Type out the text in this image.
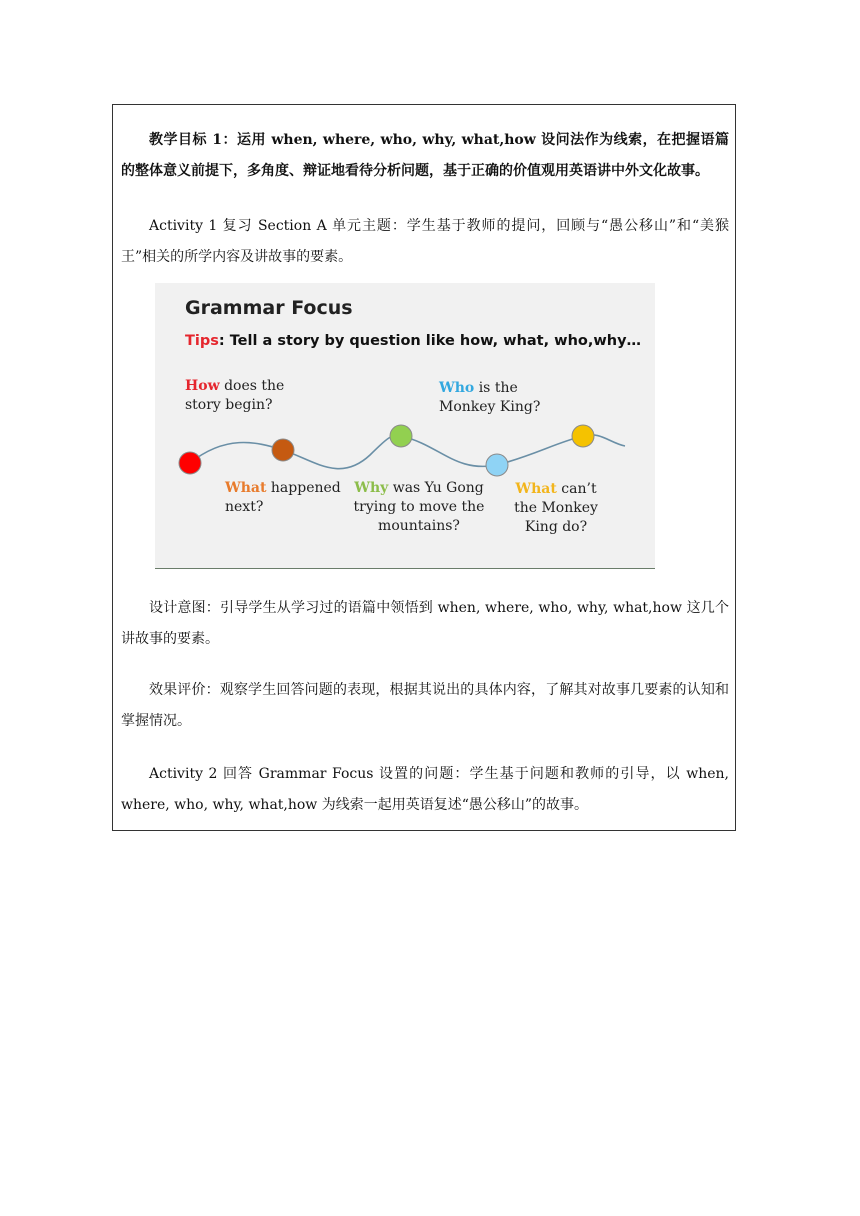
教学目标 1：运用 when, where, who, why, what,how 设问法作为线索，在把握语篇的整体意义前提下，多角度、辩证地看待分析问题，基于正确的价值观用英语讲中外文化故事。

Activity 1 复习 Section A 单元主题：学生基于教师的提问，回顾与“愚公移山”和“美猴王”相关的所学内容及讲故事的要素。

Grammar Focus
Tips: Tell a story by question like how, what, who,why…
How does the story begin?
What happened next?
Why was Yu Gong trying to move the mountains?
Who is the Monkey King?
What can’t the Monkey King do?

设计意图：引导学生从学习过的语篇中领悟到 when, where, who, why, what,how 这几个讲故事的要素。

效果评价：观察学生回答问题的表现，根据其说出的具体内容，了解其对故事几要素的认知和掌握情况。

Activity 2 回答 Grammar Focus 设置的问题：学生基于问题和教师的引导，以 when, where, who, why, what,how 为线索一起用英语复述“愚公移山”的故事。
